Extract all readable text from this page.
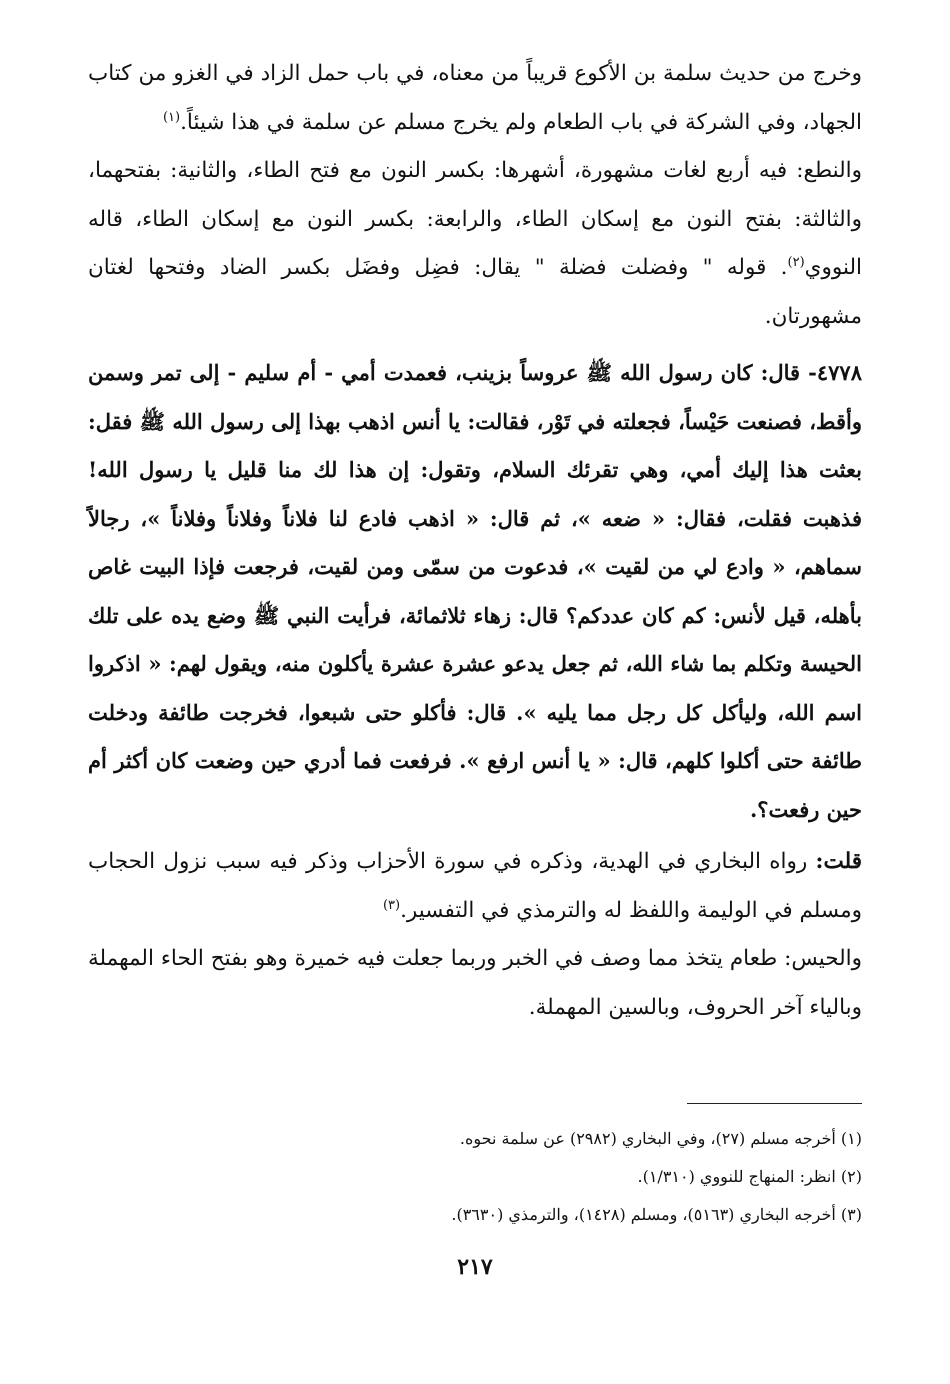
وخرج من حديث سلمة بن الأكوع قريباً من معناه، في باب حمل الزاد في الغزو من كتاب الجهاد، وفي الشركة في باب الطعام ولم يخرج مسلم عن سلمة في هذا شيئاً.$^{(١)}$

والنطع: فيه أربع لغات مشهورة، أشهرها: بكسر النون مع فتح الطاء، والثانية: بفتحهما، والثالثة: بفتح النون مع إسكان الطاء، والرابعة: بكسر النون مع إسكان الطاء، قاله النووي$^{(٢)}$. قوله " وفضلت فضلة " يقال: فضِل وفضَل بكسر الضاد وفتحها لغتان مشهورتان.

٤٧٧٨- قال: كان رسول الله ﷺ عروساً بزينب، فعمدت أمي - أم سليم - إلى تمر وسمن وأقط، فصنعت حَيْساً، فجعلته في تَوْر، فقالت: يا أنس اذهب بهذا إلى رسول الله ﷺ فقل: بعثت هذا إليك أمي، وهي تقرئك السلام، وتقول: إن هذا لك منا قليل يا رسول الله! فذهبت فقلت، فقال: « ضعه »، ثم قال: « اذهب فادع لنا فلاناً وفلاناً وفلاناً »، رجالاً سماهم، « وادع لي من لقيت »، فدعوت من سمّى ومن لقيت، فرجعت فإذا البيت غاص بأهله، قيل لأنس: كم كان عددكم؟ قال: زهاء ثلاثمائة، فرأيت النبي ﷺ وضع يده على تلك الحيسة وتكلم بما شاء الله، ثم جعل يدعو عشرة عشرة يأكلون منه، ويقول لهم: « اذكروا اسم الله، وليأكل كل رجل مما يليه ». قال: فأكلو حتى شبعوا، فخرجت طائفة ودخلت طائفة حتى أكلوا كلهم، قال: « يا أنس ارفع ». فرفعت فما أدري حين وضعت كان أكثر أم حين رفعت؟.

قلت: رواه البخاري في الهدية، وذكره في سورة الأحزاب وذكر فيه سبب نزول الحجاب ومسلم في الوليمة واللفظ له والترمذي في التفسير.$^{(٣)}$

والحيس: طعام يتخذ مما وصف في الخبر وربما جعلت فيه خميرة وهو بفتح الحاء المهملة وبالياء آخر الحروف، وبالسين المهملة.

(١) أخرجه مسلم (٢٧)، وفي البخاري (٢٩٨٢) عن سلمة نحوه.

(٢) انظر: المنهاج للنووي (١/٣١٠).

(٣) أخرجه البخاري (٥١٦٣)، ومسلم (١٤٢٨)، والترمذي (٣٦٣٠).

٢١٧
